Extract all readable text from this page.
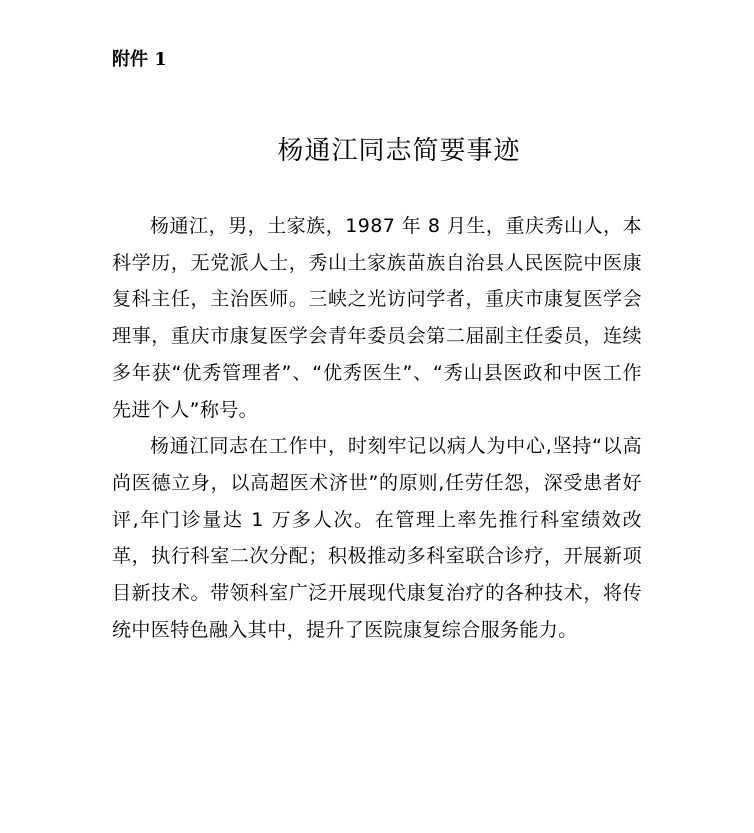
附件 1
杨通江同志简要事迹

杨通江，男，土家族，1987 年 8 月生，重庆秀山人，本科学历，无党派人士，秀山土家族苗族自治县人民医院中医康复科主任，主治医师。三峡之光访问学者，重庆市康复医学会理事，重庆市康复医学会青年委员会第二届副主任委员，连续多年获“优秀管理者”、“优秀医生”、“秀山县医政和中医工作先进个人”称号。

杨通江同志在工作中，时刻牢记以病人为中心,坚持“以高尚医德立身，以高超医术济世”的原则,任劳任怨，深受患者好评,年门诊量达 1 万多人次。在管理上率先推行科室绩效改革，执行科室二次分配；积极推动多科室联合诊疗，开展新项目新技术。带领科室广泛开展现代康复治疗的各种技术，将传统中医特色融入其中，提升了医院康复综合服务能力。
